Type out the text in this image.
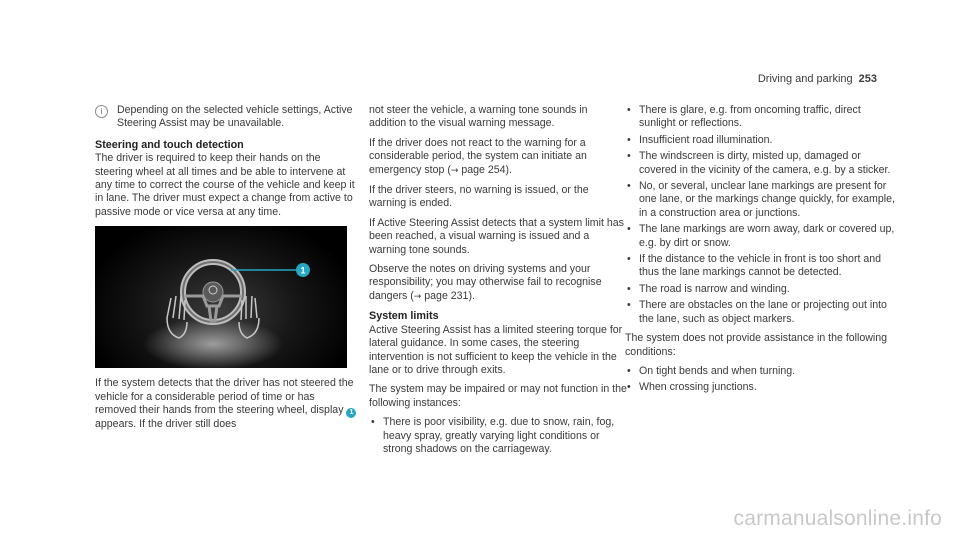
Driving and parking 253
i	Depending on the selected vehicle settings, Active Steering Assist may be unavailable.
Steering and touch detection

The driver is required to keep their hands on the steering wheel at all times and be able to intervene at any time to correct the course of the vehicle and keep it in lane. The driver must expect a change from active to passive mode or vice versa at any time.

1

If the system detects that the driver has not steered the vehicle for a considerable period of time or has removed their hands from the steering wheel, display 1 appears. If the driver still does

not steer the vehicle, a warning tone sounds in addition to the visual warning message.

If the driver does not react to the warning for a considerable period, the system can initiate an emergency stop (→ page 254).

If the driver steers, no warning is issued, or the warning is ended.

If Active Steering Assist detects that a system limit has been reached, a visual warning is issued and a warning tone sounds.

Observe the notes on driving systems and your responsibility; you may otherwise fail to recognise dangers (→ page 231).

System limits

Active Steering Assist has a limited steering torque for lateral guidance. In some cases, the steering intervention is not sufficient to keep the vehicle in the lane or to drive through exits.

The system may be impaired or may not function in the following instances:

• There is poor visibility, e.g. due to snow, rain, fog, heavy spray, greatly varying light conditions or strong shadows on the carriageway.
• There is glare, e.g. from oncoming traffic, direct sunlight or reflections.
• Insufficient road illumination.
• The windscreen is dirty, misted up, damaged or covered in the vicinity of the camera, e.g. by a sticker.
• No, or several, unclear lane markings are present for one lane, or the markings change quickly, for example, in a construction area or junctions.
• The lane markings are worn away, dark or covered up, e.g. by dirt or snow.
• If the distance to the vehicle in front is too short and thus the lane markings cannot be detected.
• The road is narrow and winding.
• There are obstacles on the lane or projecting out into the lane, such as object markers.

The system does not provide assistance in the following conditions:

• On tight bends and when turning.
• When crossing junctions.
carmanualsonline.info
